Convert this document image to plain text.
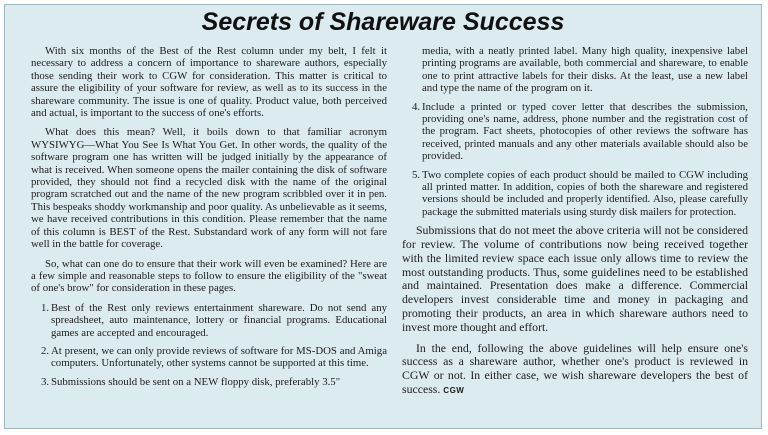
Secrets of Shareware Success

With six months of the Best of the Rest column under my belt, I felt it necessary to address a concern of importance to shareware authors, especially those sending their work to CGW for consideration. This matter is critical to assure the eligibility of your software for review, as well as to its success in the shareware community. The issue is one of quality. Product value, both perceived and actual, is important to the success of one's efforts.

What does this mean? Well, it boils down to that familiar acronym WYSIWYG—What You See Is What You Get. In other words, the quality of the software program one has written will be judged initially by the appearance of what is received. When someone opens the mailer containing the disk of software provided, they should not find a recycled disk with the name of the original program scratched out and the name of the new program scribbled over it in pen. This bespeaks shoddy workmanship and poor quality. As unbelievable as it seems, we have received contributions in this condition. Please remember that the name of this column is BEST of the Rest. Substandard work of any form will not fare well in the battle for coverage.

So, what can one do to ensure that their work will even be examined? Here are a few simple and reasonable steps to follow to ensure the eligibility of the "sweat of one's brow" for consideration in these pages.

1. Best of the Rest only reviews entertainment shareware. Do not send any spreadsheet, auto maintenance, lottery or financial programs. Educational games are accepted and encouraged.
2. At present, we can only provide reviews of software for MS-DOS and Amiga computers. Unfortunately, other systems cannot be supported at this time.
3. Submissions should be sent on a NEW floppy disk, preferably 3.5"
media, with a neatly printed label. Many high quality, inexpensive label printing programs are available, both commercial and shareware, to enable one to print attractive labels for their disks. At the least, use a new label and type the name of the program on it.
4. Include a printed or typed cover letter that describes the submission, providing one's name, address, phone number and the registration cost of the program. Fact sheets, photocopies of other reviews the software has received, printed manuals and any other materials available should also be provided.
5. Two complete copies of each product should be mailed to CGW including all printed matter. In addition, copies of both the shareware and registered versions should be included and properly identified. Also, please carefully package the submitted materials using sturdy disk mailers for protection.

Submissions that do not meet the above criteria will not be considered for review. The volume of contributions now being received together with the limited review space each issue only allows time to review the most outstanding products. Thus, some guidelines need to be established and maintained. Presentation does make a difference. Commercial developers invest considerable time and money in packaging and promoting their products, an area in which shareware authors need to invest more thought and effort.

In the end, following the above guidelines will help ensure one's success as a shareware author, whether one's product is reviewed in CGW or not. In either case, we wish shareware developers the best of success. CGW
